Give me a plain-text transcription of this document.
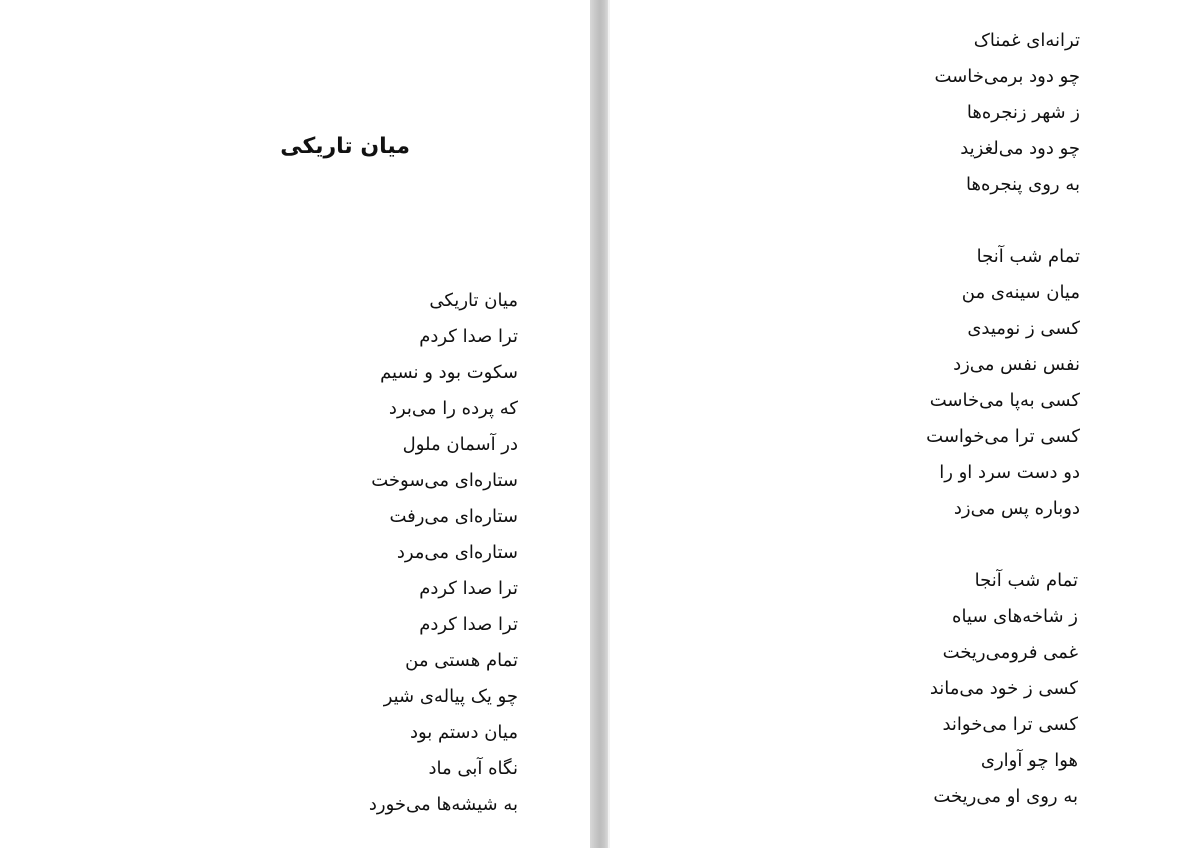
میان تاریکی
میان تاریکی
ترا صدا کردم
سکوت بود و نسیم
که پرده را می‌برد
در آسمان ملول
ستاره‌ای می‌سوخت
ستاره‌ای می‌رفت
ستاره‌ای می‌مرد
ترا صدا کردم
ترا صدا کردم
تمام هستی من
چو یک پیاله‌ی شیر
میان دستم بود
نگاه آبی ماد
به شیشه‌ها می‌خورد
ترانه‌ای غمناک
چو دود برمی‌خاست
ز شهر زنجره‌ها
چو دود می‌لغزید
به روی پنجره‌ها
تمام شب آنجا
میان سینه‌ی من
کسی ز نومیدی
نفس نفس می‌زد
کسی به‌پا می‌خاست
کسی ترا می‌خواست
دو دست سرد او را
دوباره پس می‌زد
تمام شب آنجا
ز شاخه‌های سیاه
غمی فرومی‌ریخت
کسی ز خود می‌ماند
کسی ترا می‌خواند
هوا چو آواری
به روی او می‌ریخت
